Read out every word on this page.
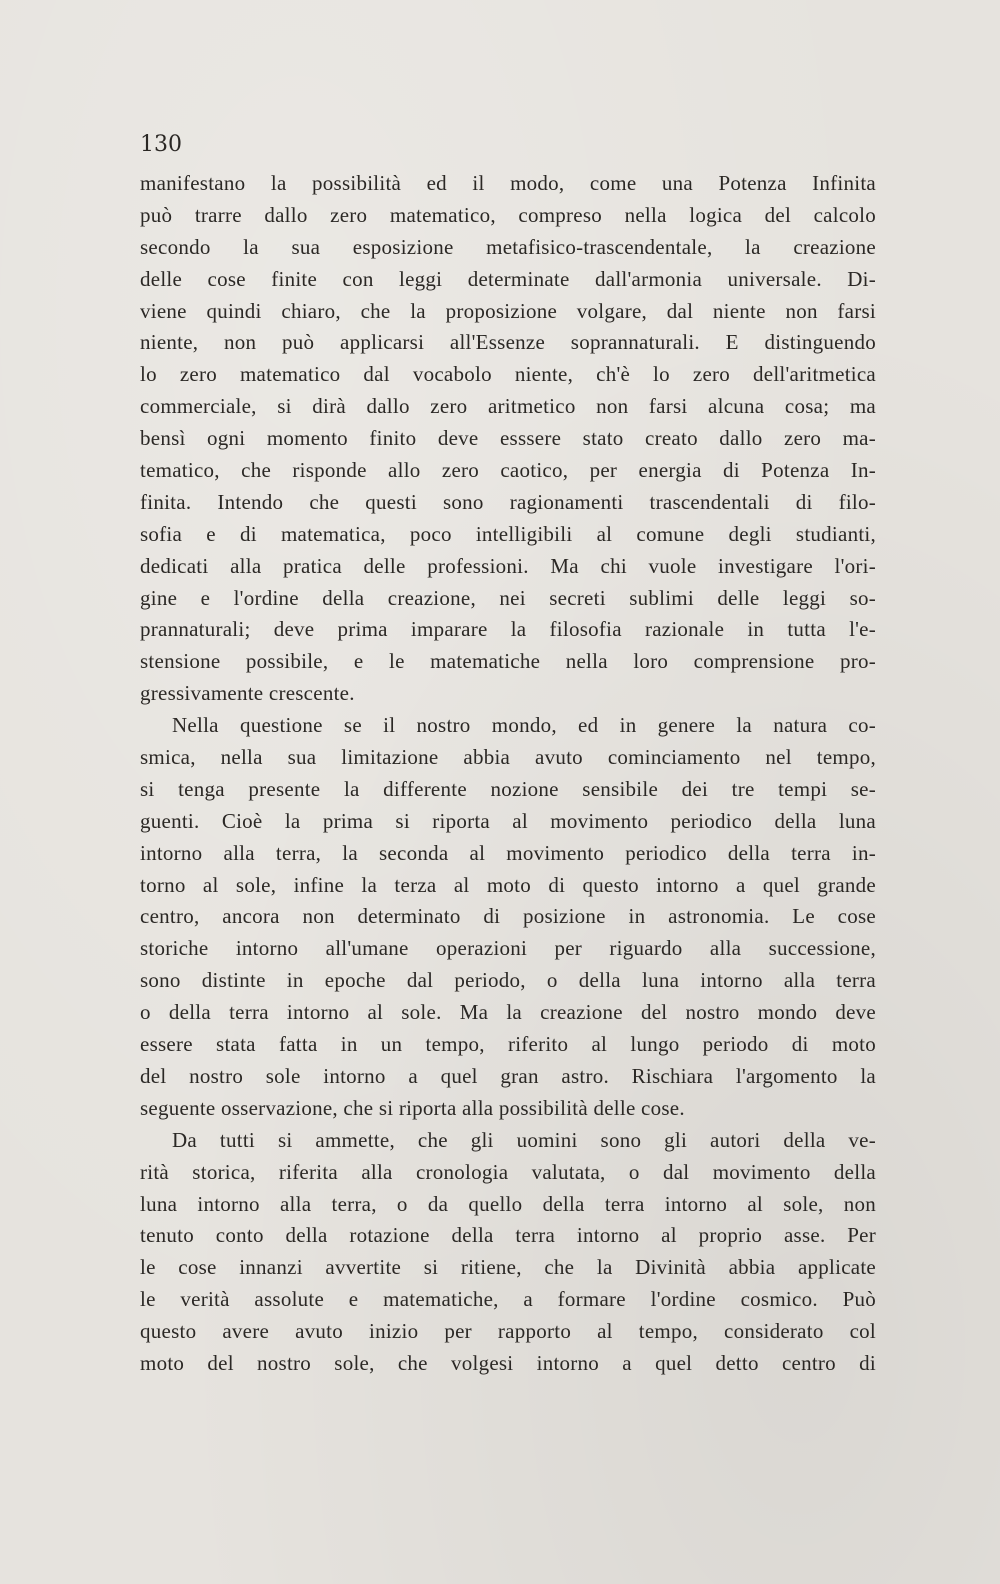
130

manifestano la possibilità ed il modo, come una Potenza Infinita
può trarre dallo zero matematico, compreso nella logica del calcolo
secondo la sua esposizione metafisico-trascendentale, la creazione
delle cose finite con leggi determinate dall'armonia universale. Di-
viene quindi chiaro, che la proposizione volgare, dal niente non farsi
niente, non può applicarsi all'Essenze soprannaturali. E distinguendo
lo zero matematico dal vocabolo niente, ch'è lo zero dell'aritmetica
commerciale, si dirà dallo zero aritmetico non farsi alcuna cosa; ma
bensì ogni momento finito deve esssere stato creato dallo zero ma-
tematico, che risponde allo zero caotico, per energia di Potenza In-
finita. Intendo che questi sono ragionamenti trascendentali di filo-
sofia e di matematica, poco intelligibili al comune degli studianti,
dedicati alla pratica delle professioni. Ma chi vuole investigare l'ori-
gine e l'ordine della creazione, nei secreti sublimi delle leggi so-
prannaturali; deve prima imparare la filosofia razionale in tutta l'e-
stensione possibile, e le matematiche nella loro comprensione pro-
gressivamente crescente.
Nella questione se il nostro mondo, ed in genere la natura co-
smica, nella sua limitazione abbia avuto cominciamento nel tempo,
si tenga presente la differente nozione sensibile dei tre tempi se-
guenti. Cioè la prima si riporta al movimento periodico della luna
intorno alla terra, la seconda al movimento periodico della terra in-
torno al sole, infine la terza al moto di questo intorno a quel grande
centro, ancora non determinato di posizione in astronomia. Le cose
storiche intorno all'umane operazioni per riguardo alla successione,
sono distinte in epoche dal periodo, o della luna intorno alla terra
o della terra intorno al sole. Ma la creazione del nostro mondo deve
essere stata fatta in un tempo, riferito al lungo periodo di moto
del nostro sole intorno a quel gran astro. Rischiara l'argomento la
seguente osservazione, che si riporta alla possibilità delle cose.
Da tutti si ammette, che gli uomini sono gli autori della ve-
rità storica, riferita alla cronologia valutata, o dal movimento della
luna intorno alla terra, o da quello della terra intorno al sole, non
tenuto conto della rotazione della terra intorno al proprio asse. Per
le cose innanzi avvertite si ritiene, che la Divinità abbia applicate
le verità assolute e matematiche, a formare l'ordine cosmico. Può
questo avere avuto inizio per rapporto al tempo, considerato col
moto del nostro sole, che volgesi intorno a quel detto centro di
